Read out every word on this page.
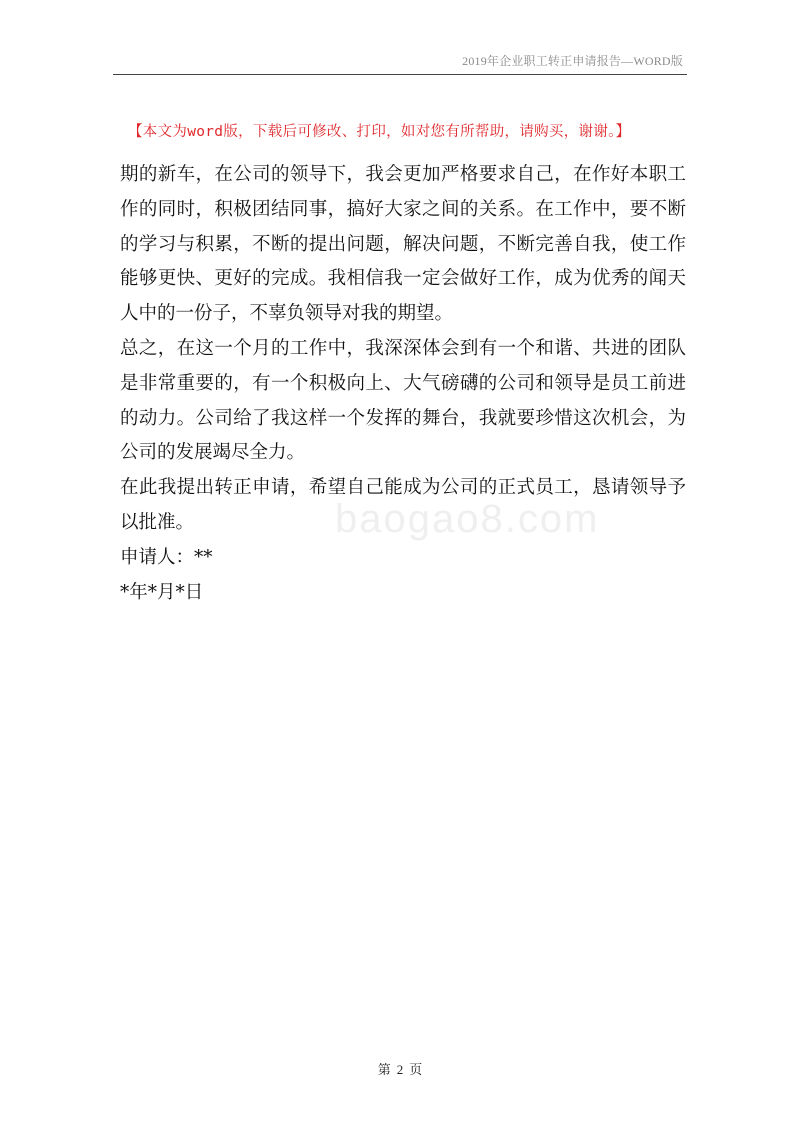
2019年企业职工转正申请报告—WORD版
【本文为word版，下载后可修改、打印，如对您有所帮助，请购买，谢谢。】

期的新车，在公司的领导下，我会更加严格要求自己，在作好本职工作的同时，积极团结同事，搞好大家之间的关系。在工作中，要不断的学习与积累，不断的提出问题，解决问题，不断完善自我，使工作能够更快、更好的完成。我相信我一定会做好工作，成为优秀的闻天人中的一份子，不辜负领导对我的期望。

总之，在这一个月的工作中，我深深体会到有一个和谐、共进的团队是非常重要的，有一个积极向上、大气磅礴的公司和领导是员工前进的动力。公司给了我这样一个发挥的舞台，我就要珍惜这次机会，为公司的发展竭尽全力。

在此我提出转正申请，希望自己能成为公司的正式员工，恳请领导予以批准。

申请人：**

*年*月*日

baogao8.com
第 2 页
